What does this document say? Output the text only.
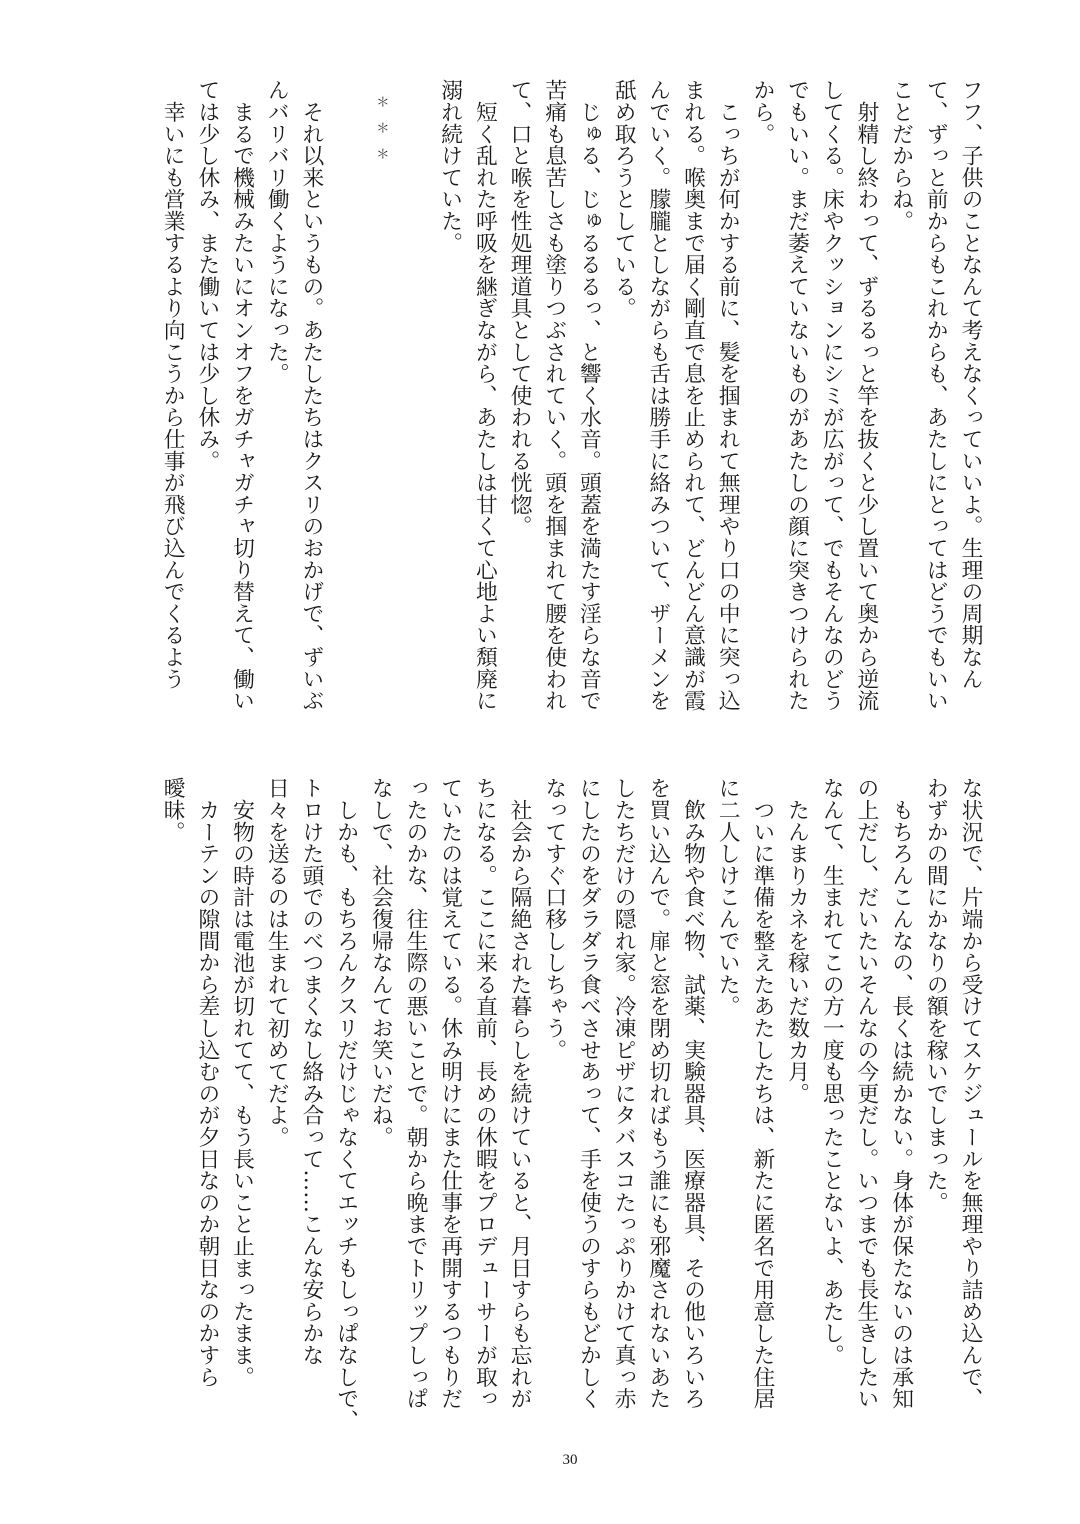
フフ、子供のことなんて考えなくっていいよ。生理の周期なん
て、ずっと前からもこれからも、あたしにとってはどうでもいい
ことだからね。
　射精し終わって、ずるるっと竿を抜くと少し置いて奥から逆流
してくる。床やクッションにシミが広がって、でもそんなのどう
でもいい。まだ萎えていないものがあたしの顔に突きつけられた
から。
　こっちが何かする前に、髪を掴まれて無理やり口の中に突っ込
まれる。喉奥まで届く剛直で息を止められて、どんどん意識が霞
んでいく。朦朧としながらも舌は勝手に絡みついて、ザーメンを
舐め取ろうとしている。
　じゅる、じゅるるるっ、と響く水音。頭蓋を満たす淫らな音で
苦痛も息苦しさも塗りつぶされていく。頭を掴まれて腰を使われ
て、口と喉を性処理道具として使われる恍惚。
　短く乱れた呼吸を継ぎながら、あたしは甘くて心地よい頽廃に
溺れ続けていた。
＊　＊　＊
　それ以来というもの。あたしたちはクスリのおかげで、ずいぶ
んバリバリ働くようになった。
　まるで機械みたいにオンオフをガチャガチャ切り替えて、働い
ては少し休み、また働いては少し休み。
　幸いにも営業するより向こうから仕事が飛び込んでくるよう
な状況で、片端から受けてスケジュールを無理やり詰め込んで、
わずかの間にかなりの額を稼いでしまった。
　もちろんこんなの、長くは続かない。身体が保たないのは承知
の上だし、だいたいそんなの今更だし。いつまでも長生きしたい
なんて、生まれてこの方一度も思ったことないよ、あたし。
　たんまりカネを稼いだ数カ月。
　ついに準備を整えたあたしたちは、新たに匿名で用意した住居
に二人しけこんでいた。
　飲み物や食べ物、試薬、実験器具、医療器具、その他いろいろ
を買い込んで。扉と窓を閉め切ればもう誰にも邪魔されないあた
したちだけの隠れ家。冷凍ピザにタバスコたっぷりかけて真っ赤
にしたのをダラダラ食べさせあって、手を使うのすらもどかしく
なってすぐ口移ししちゃう。
　社会から隔絶された暮らしを続けていると、月日すらも忘れが
ちになる。ここに来る直前、長めの休暇をプロデューサーが取っ
ていたのは覚えている。休み明けにまた仕事を再開するつもりだ
ったのかな、往生際の悪いことで。朝から晩までトリップしっぱ
なしで、社会復帰なんてお笑いだね。
　しかも、もちろんクスリだけじゃなくてエッチもしっぱなしで、
トロけた頭でのべつまくなし絡み合って……こんな安らかな
日々を送るのは生まれて初めてだよ。
　安物の時計は電池が切れてて、もう長いこと止まったまま。
　カーテンの隙間から差し込むのが夕日なのか朝日なのかすら
曖昧。
30
